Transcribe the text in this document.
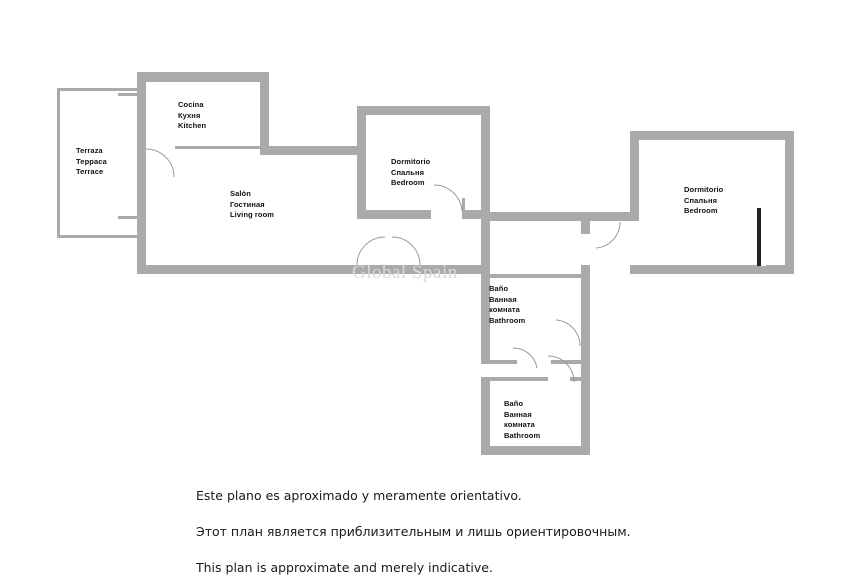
Terraza
Терраса
Terrace
Cocina
Кухня
Kitchen
Salón
Гостиная
Living room
Dormitorio
Спальня
Bedroom
Dormitorio
Спальня
Bedroom
Baño
Ванная
комната
Bathroom
Baño
Ванная
комната
Bathroom
Global Spain
Este plano es aproximado y meramente orientativo.
Этот план является приблизительным и лишь ориентировочным.
This plan is approximate and merely indicative.
